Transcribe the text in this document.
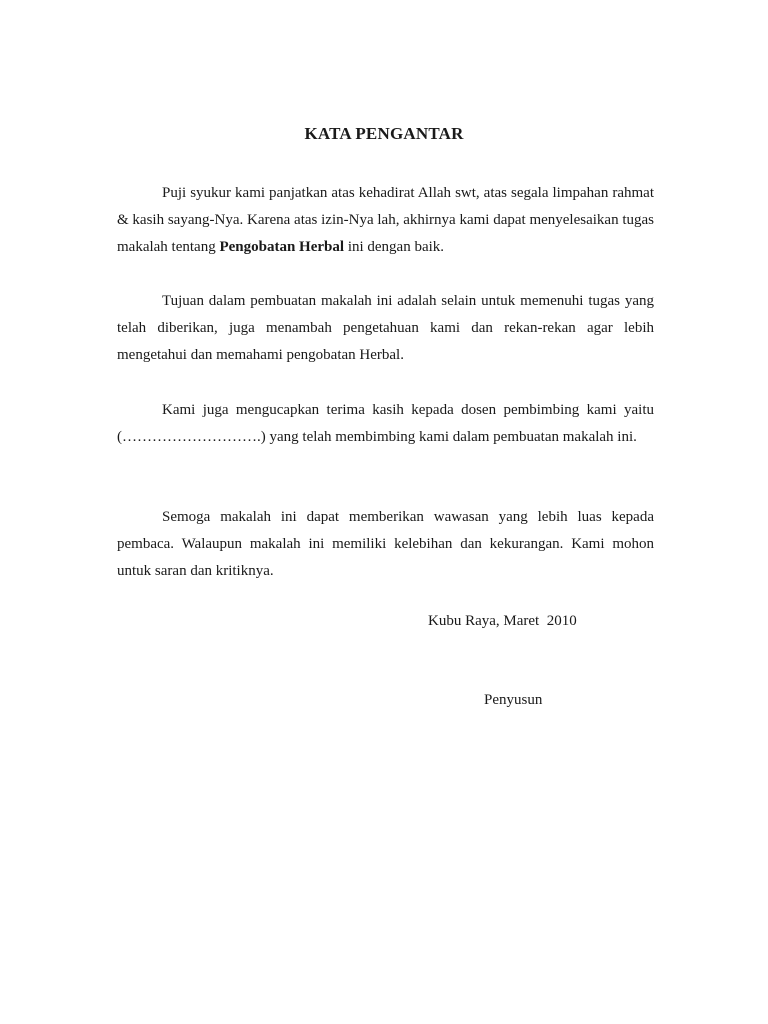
KATA PENGANTAR
Puji syukur kami panjatkan atas kehadirat Allah swt, atas segala limpahan rahmat & kasih sayang-Nya. Karena atas izin-Nya lah, akhirnya kami dapat menyelesaikan tugas makalah tentang Pengobatan Herbal ini dengan baik.
Tujuan dalam pembuatan makalah ini adalah selain untuk memenuhi tugas yang telah diberikan, juga menambah pengetahuan kami dan rekan-rekan agar lebih mengetahui dan memahami pengobatan Herbal.
Kami juga mengucapkan terima kasih kepada dosen pembimbing kami yaitu (……………………….) yang telah membimbing kami dalam pembuatan makalah ini.
Semoga makalah ini dapat memberikan wawasan yang lebih luas kepada pembaca. Walaupun makalah ini memiliki kelebihan dan kekurangan. Kami mohon untuk saran dan kritiknya.
Kubu Raya, Maret  2010
Penyusun
